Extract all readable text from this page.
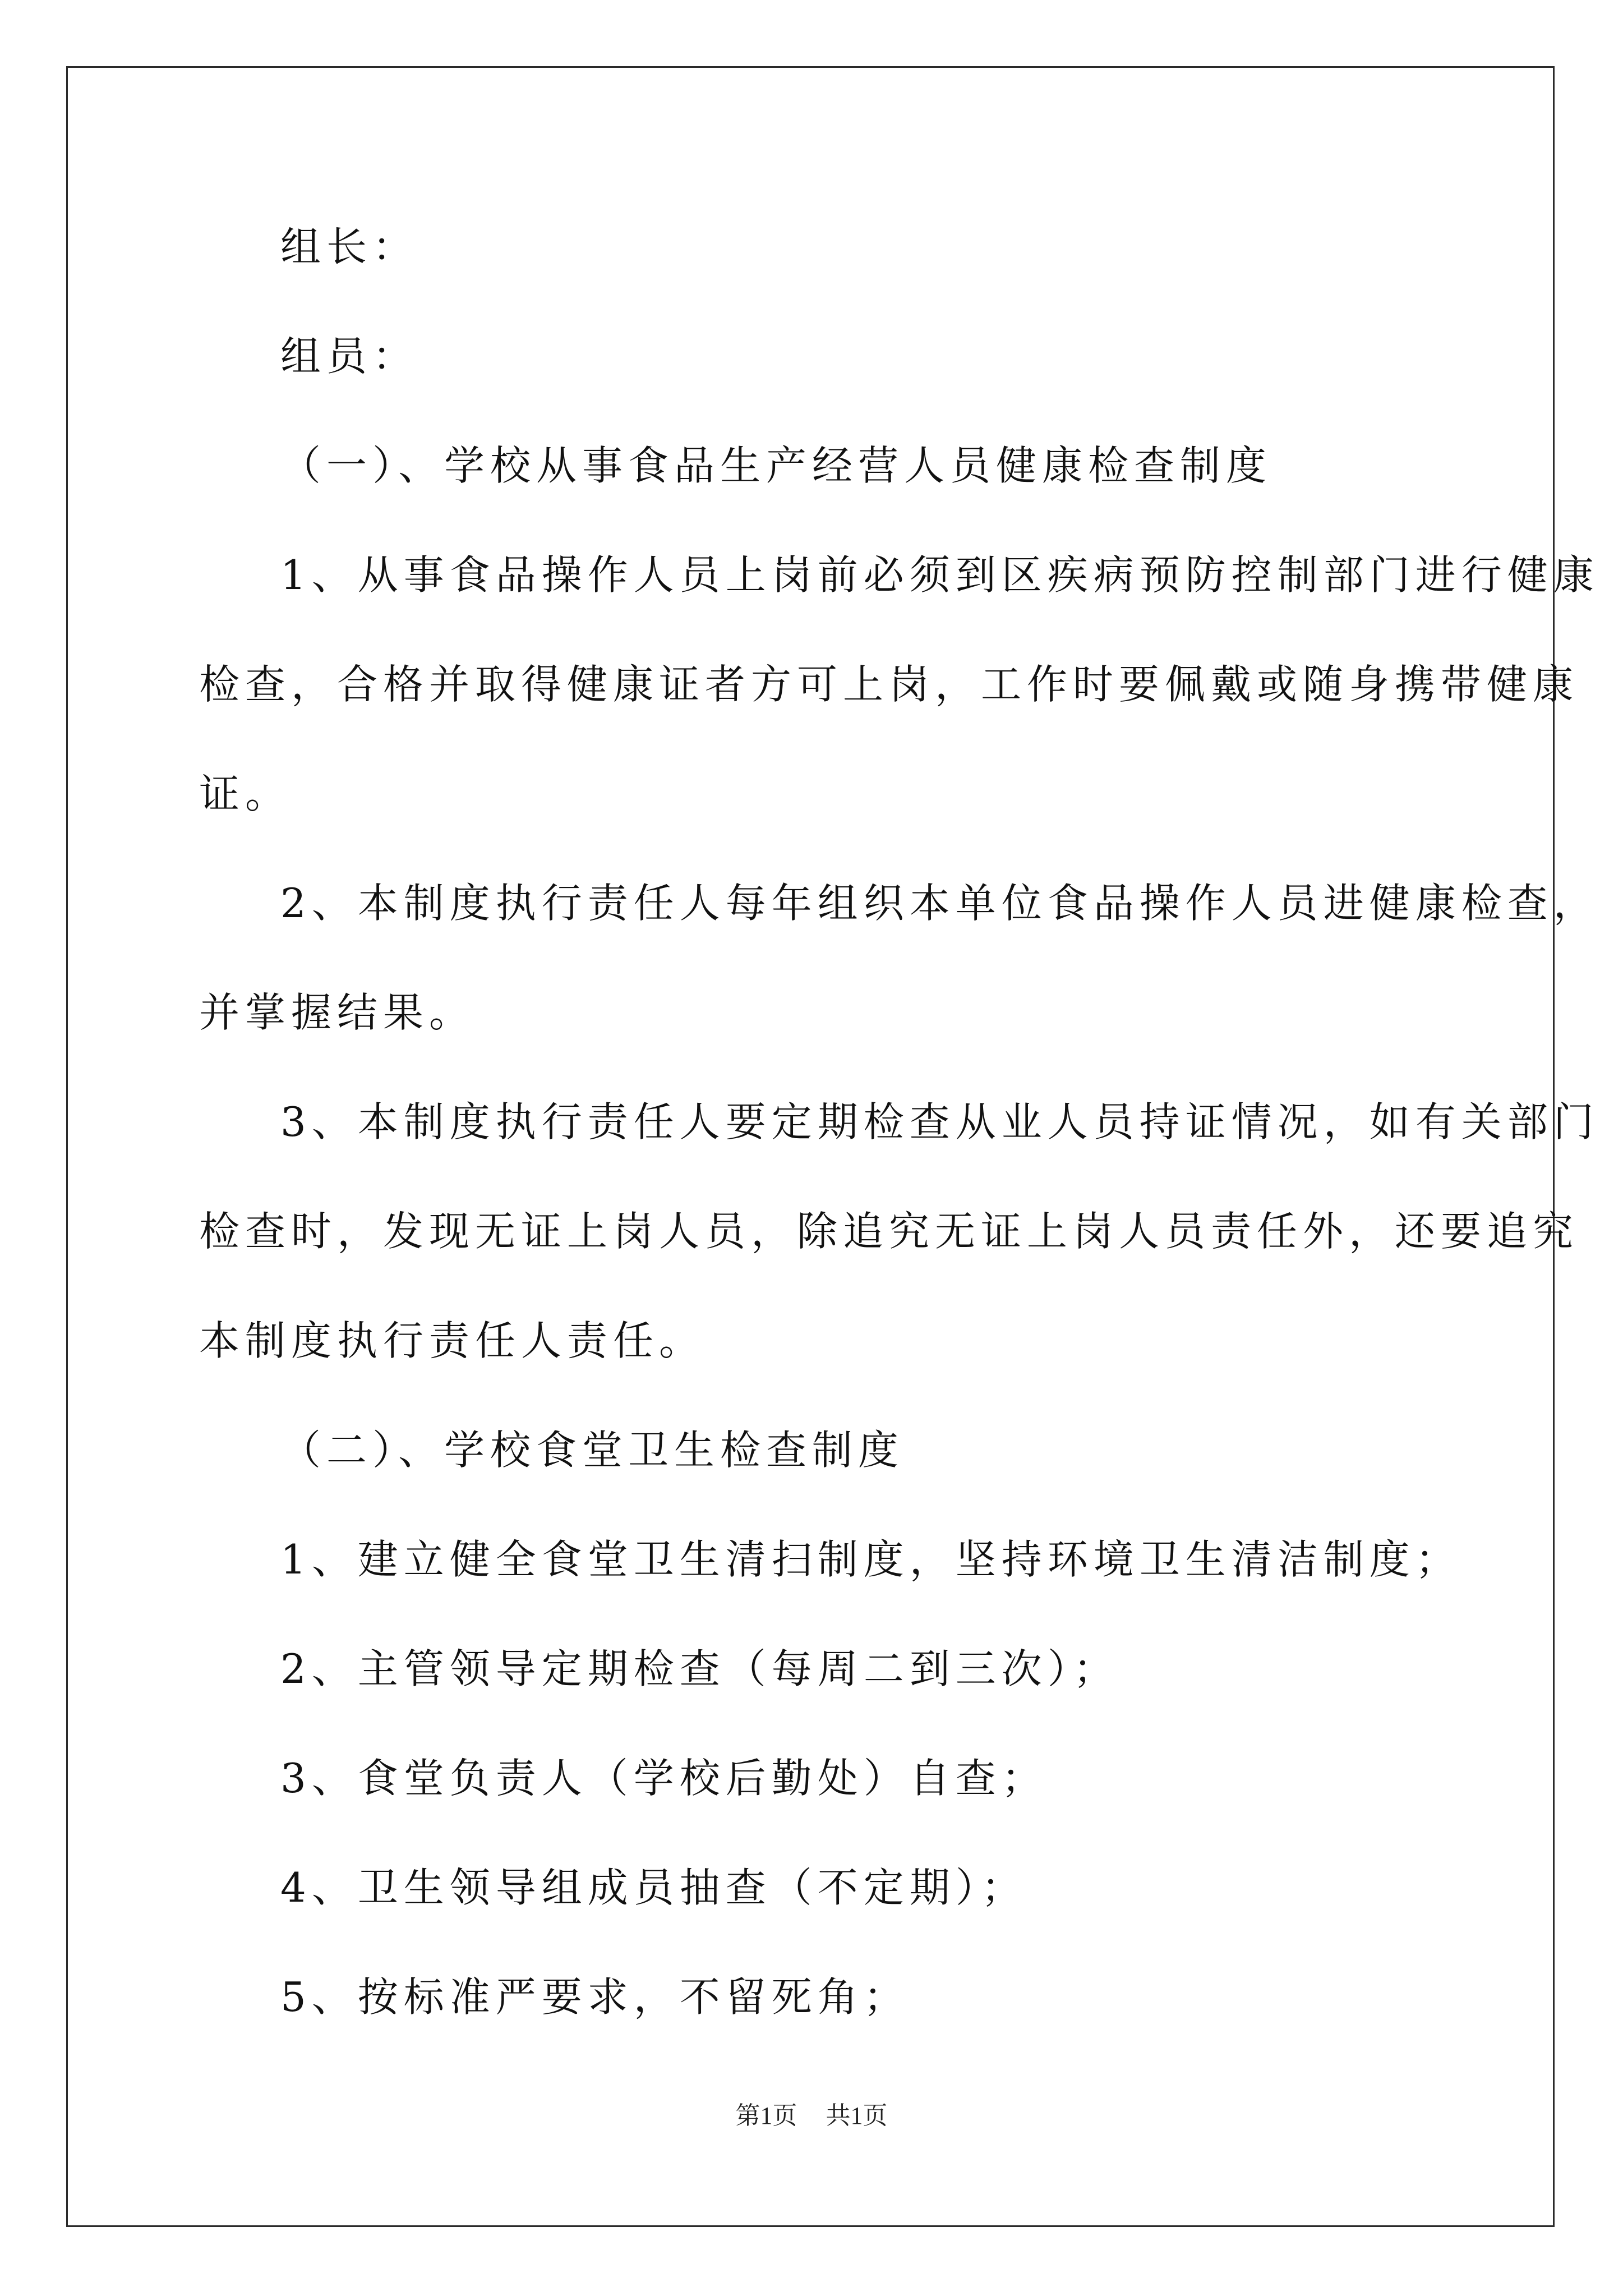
组长：
组员：
（一）、学校从事食品生产经营人员健康检查制度
1、从事食品操作人员上岗前必须到区疾病预防控制部门进行健康
检查，合格并取得健康证者方可上岗，工作时要佩戴或随身携带健康
证。
2、本制度执行责任人每年组织本单位食品操作人员进健康检查，
并掌握结果。
3、本制度执行责任人要定期检查从业人员持证情况，如有关部门
检查时，发现无证上岗人员，除追究无证上岗人员责任外，还要追究
本制度执行责任人责任。
（二）、学校食堂卫生检查制度
1、建立健全食堂卫生清扫制度，坚持环境卫生清洁制度；
2、主管领导定期检查（每周二到三次）；
3、食堂负责人（学校后勤处）自查；
4、卫生领导组成员抽查（不定期）；
5、按标准严要求，不留死角；
第1页 共1页
